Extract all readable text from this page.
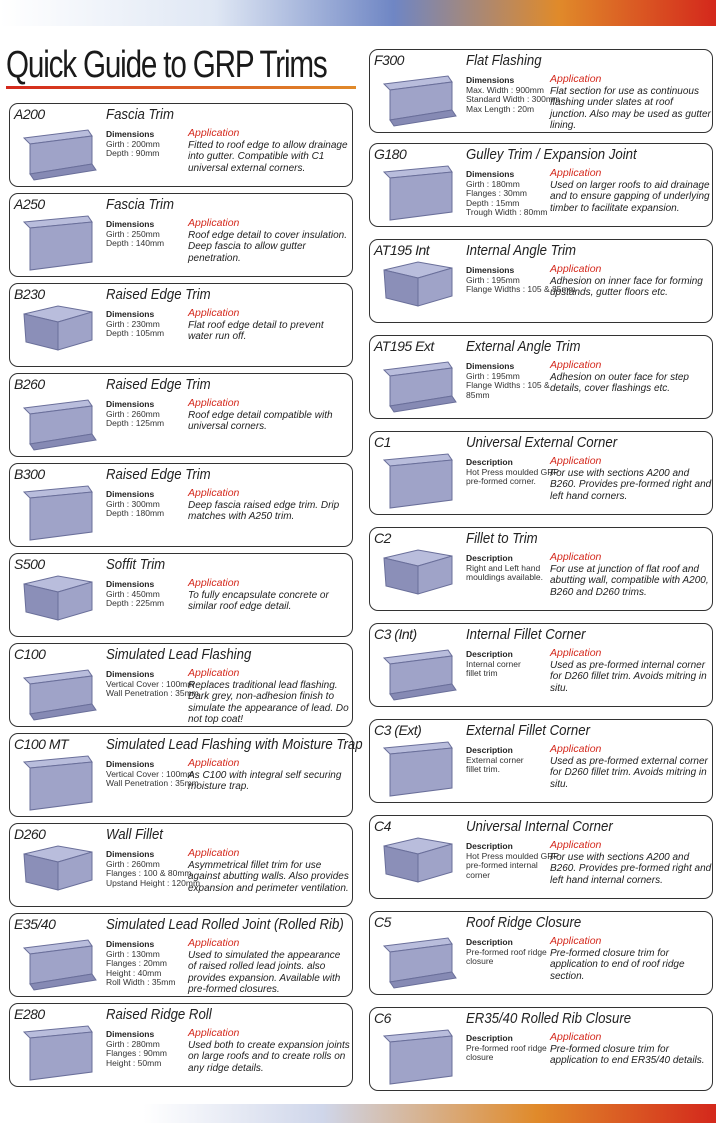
Quick Guide to GRP Trims
A200	Fascia Trim
Dimensions
Girth : 200mm
Depth : 90mm
Application
Fitted to roof edge to allow drainage into gutter. Compatible with C1 universal external corners.
A250	Fascia Trim
Dimensions
Girth : 250mm
Depth : 140mm
Application
Roof edge detail to cover insulation. Deep fascia to allow gutter penetration.
B230	Raised Edge Trim
Dimensions
Girth : 230mm
Depth : 105mm
Application
Flat roof edge detail to prevent water run off.
B260	Raised Edge Trim
Dimensions
Girth : 260mm
Depth : 125mm
Application
Roof edge detail compatible with universal corners.
B300	Raised Edge Trim
Dimensions
Girth : 300mm
Depth : 180mm
Application
Deep fascia raised edge trim. Drip matches with A250 trim.
S500	Soffit Trim
Dimensions
Girth : 450mm
Depth : 225mm
Application
To fully encapsulate concrete or similar roof edge detail.
C100	Simulated Lead Flashing
Dimensions
Vertical Cover : 100mm
Wall Penetration : 35mm
Application
Replaces traditional lead flashing. Dark grey, non-adhesion finish to simulate the appearance of lead. Do not top coat!
C100 MT	Simulated Lead Flashing with Moisture Trap
Dimensions
Vertical Cover : 100mm
Wall Penetration : 35mm
Application
As C100 with integral self securing moisture trap.
D260	Wall Fillet
Dimensions
Girth : 260mm
Flanges : 100 & 80mm
Upstand Height : 120mm
Application
Asymmetrical fillet trim for use against abutting walls. Also provides expansion and perimeter ventilation.
E35/40	Simulated Lead Rolled Joint (Rolled Rib)
Dimensions
Girth : 130mm
Flanges : 20mm
Height : 40mm
Roll Width : 35mm
Application
Used to simulated the appearance of raised rolled lead joints. also provides expansion. Available with pre-formed closures.
E280	Raised Ridge Roll
Dimensions
Girth : 280mm
Flanges : 90mm
Height : 50mm
Application
Used both to create expansion joints on large roofs and to create rolls on any ridge details.
F300	Flat Flashing
Dimensions
Max. Width : 900mm
Standard Width : 300mm
Max Length : 20m
Application
Flat section for use as continuous flashing under slates at roof junction. Also may be used as gutter lining.
G180	Gulley Trim / Expansion Joint
Dimensions
Girth : 180mm
Flanges : 30mm
Depth : 15mm
Trough Width : 80mm
Application
Used on larger roofs to aid drainage and to ensure gapping of underlying timber to facilitate expansion.
AT195 Int Internal Angle Trim
Dimensions
Girth : 195mm
Flange Widths : 105 & 85mm
Application
Adhesion on inner face for forming upstands, gutter floors etc.
AT195 Ext External Angle Trim
Dimensions
Girth : 195mm
Flange Widths : 105 &
85mm
Application
Adhesion on outer face for step details, cover flashings etc.
C1	Universal External Corner
Description
Hot Press moulded GRP
pre-formed corner.
Application
For use with sections A200 and B260. Provides pre-formed right and left hand corners.
C2	Fillet to Trim
Description
Right and Left hand
mouldings available.
Application
For use at junction of flat roof and abutting wall, compatible with A200, B260 and D260 trims.
C3 (Int)	Internal Fillet Corner
Description
Internal corner
fillet trim
Application
Used as pre-formed internal corner for D260 fillet trim. Avoids mitring in situ.
C3 (Ext)	External Fillet Corner
Description
External corner
fillet trim.
Application
Used as pre-formed external corner for D260 fillet trim. Avoids mitring in situ.
C4	Universal Internal Corner
Description
Hot Press moulded GRP
pre-formed internal
corner
Application
For use with sections A200 and B260. Provides pre-formed right and left hand internal corners.
C5	Roof Ridge Closure
Description
Pre-formed roof ridge
closure
Application
Pre-formed closure trim for application to end of roof ridge section.
C6	ER35/40 Rolled Rib Closure
Description
Pre-formed roof ridge
closure
Application
Pre-formed closure trim for application to end ER35/40 details.
